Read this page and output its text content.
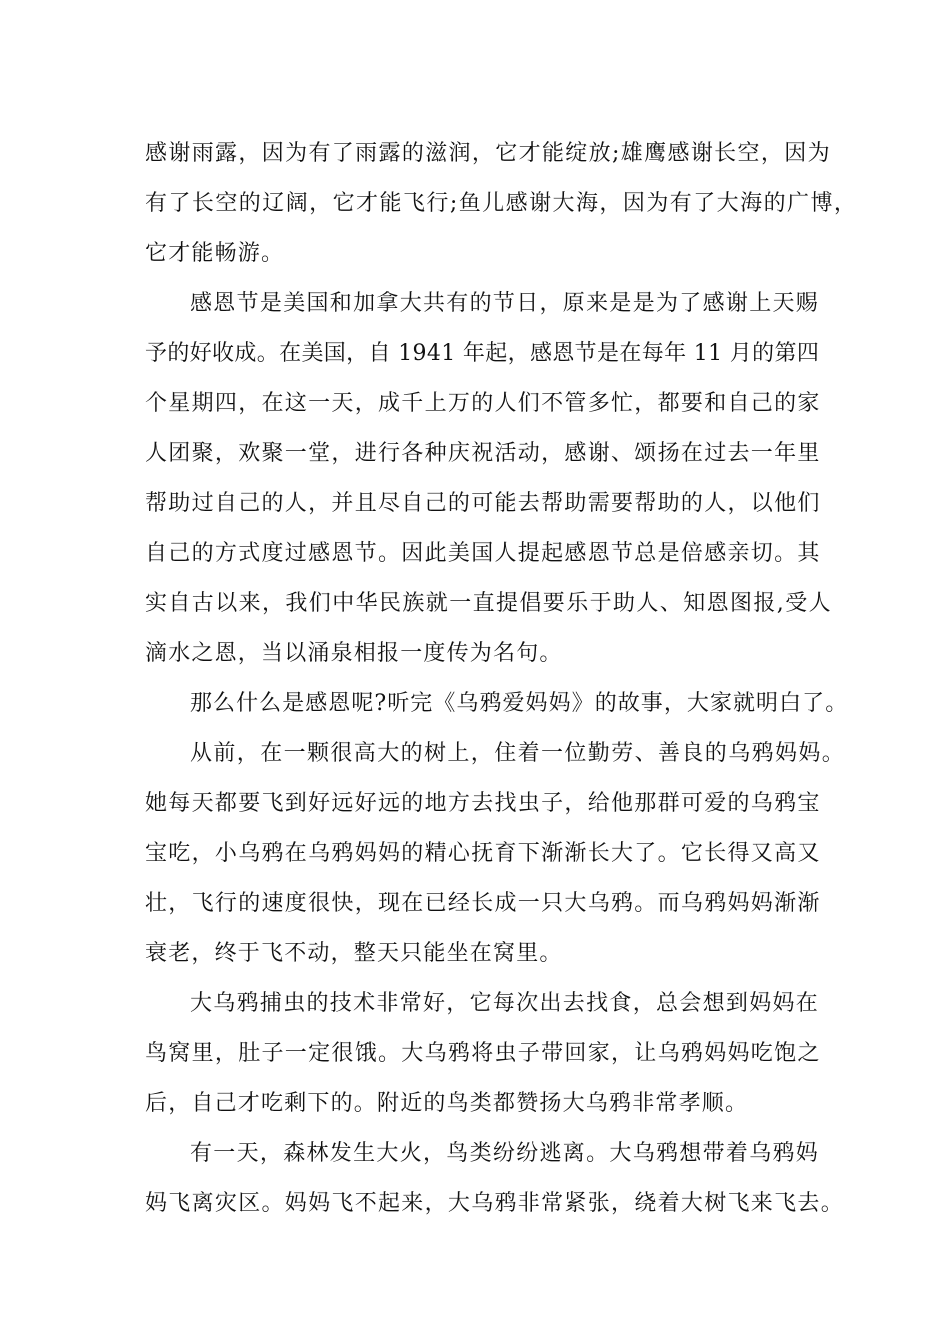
感谢雨露，因为有了雨露的滋润，它才能绽放;雄鹰感谢长空，因为
有了长空的辽阔，它才能飞行;鱼儿感谢大海，因为有了大海的广博，
它才能畅游。
感恩节是美国和加拿大共有的节日，原来是是为了感谢上天赐
予的好收成。在美国，自 1941 年起，感恩节是在每年 11 月的第四
个星期四，在这一天，成千上万的人们不管多忙，都要和自己的家
人团聚，欢聚一堂，进行各种庆祝活动，感谢、颂扬在过去一年里
帮助过自己的人，并且尽自己的可能去帮助需要帮助的人，以他们
自己的方式度过感恩节。因此美国人提起感恩节总是倍感亲切。其
实自古以来，我们中华民族就一直提倡要乐于助人、知恩图报,受人
滴水之恩，当以涌泉相报一度传为名句。
那么什么是感恩呢?听完《乌鸦爱妈妈》的故事，大家就明白了。
从前，在一颗很高大的树上，住着一位勤劳、善良的乌鸦妈妈。
她每天都要飞到好远好远的地方去找虫子，给他那群可爱的乌鸦宝
宝吃，小乌鸦在乌鸦妈妈的精心抚育下渐渐长大了。它长得又高又
壮，飞行的速度很快，现在已经长成一只大乌鸦。而乌鸦妈妈渐渐
衰老，终于飞不动，整天只能坐在窝里。
大乌鸦捕虫的技术非常好，它每次出去找食，总会想到妈妈在
鸟窝里，肚子一定很饿。大乌鸦将虫子带回家，让乌鸦妈妈吃饱之
后，自己才吃剩下的。附近的鸟类都赞扬大乌鸦非常孝顺。
有一天，森林发生大火，鸟类纷纷逃离。大乌鸦想带着乌鸦妈
妈飞离灾区。妈妈飞不起来，大乌鸦非常紧张，绕着大树飞来飞去。
